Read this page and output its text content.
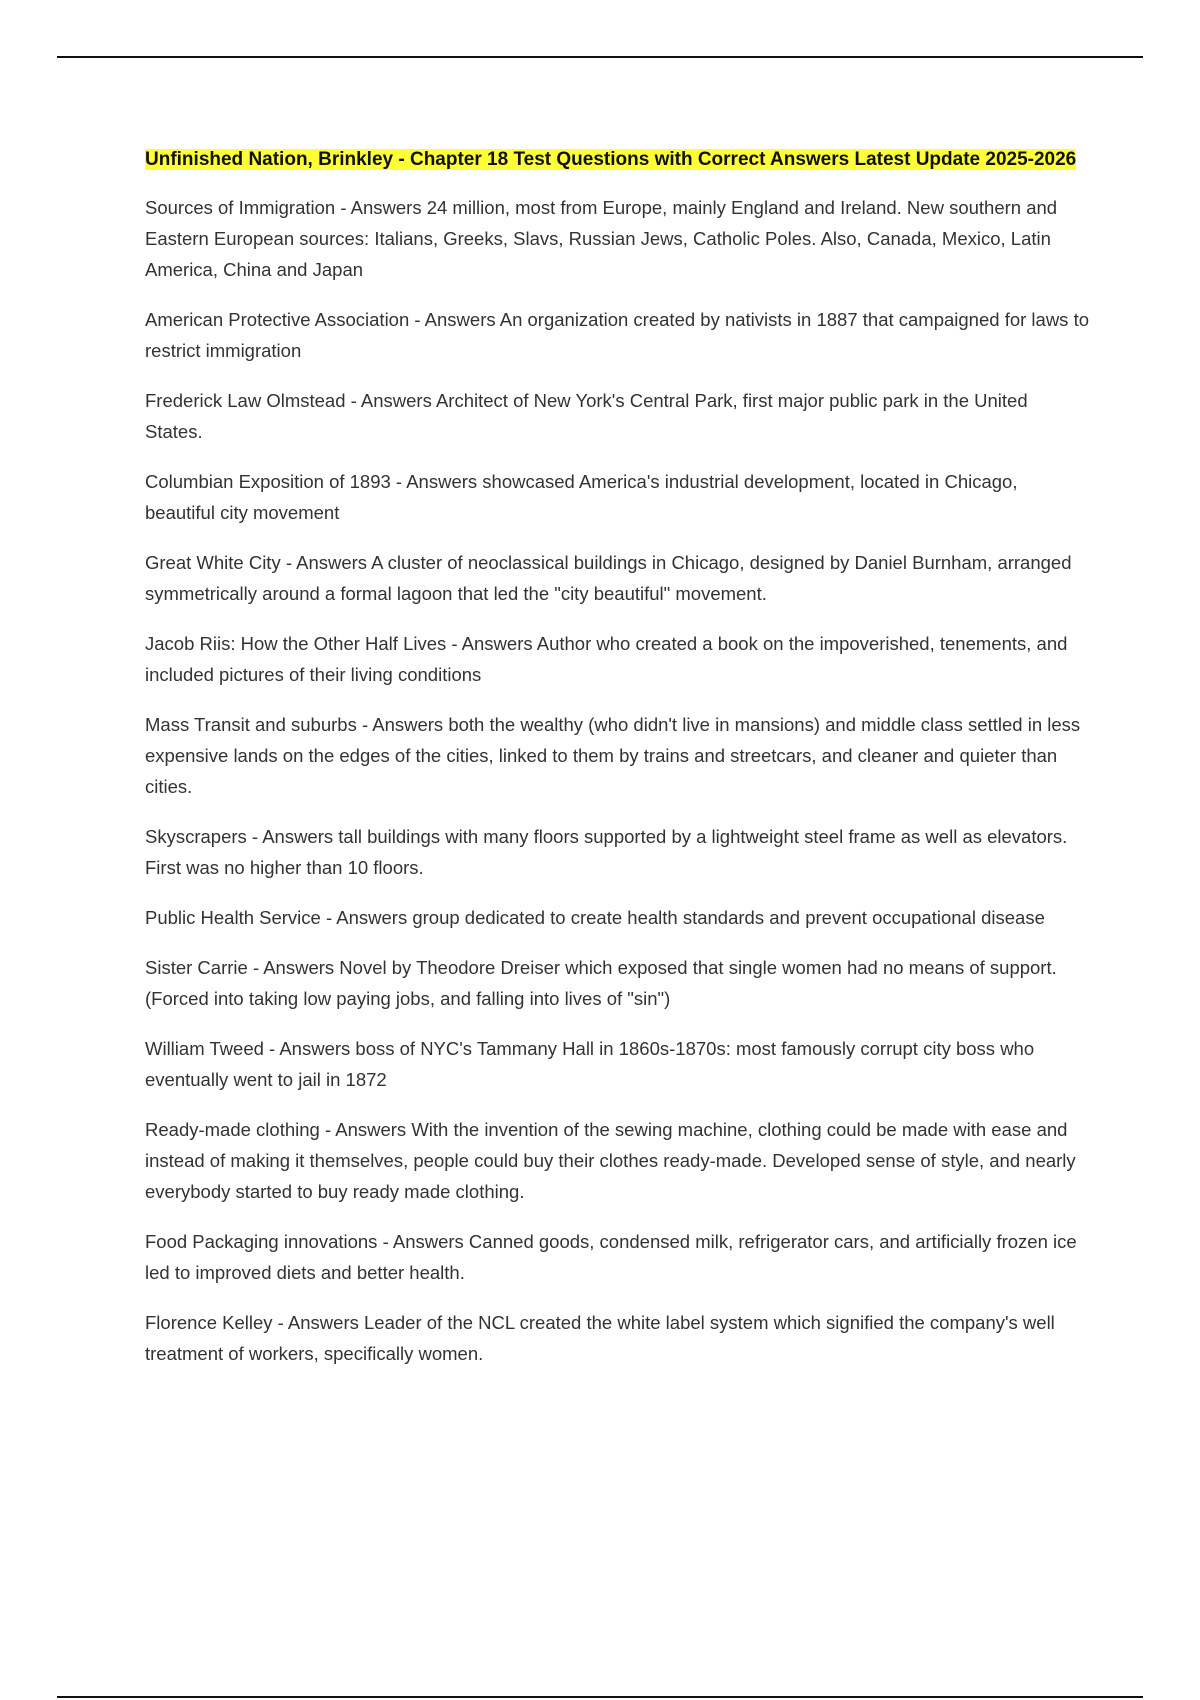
Unfinished Nation, Brinkley - Chapter 18 Test Questions with Correct Answers Latest Update 2025-2026

Sources of Immigration - Answers 24 million, most from Europe, mainly England and Ireland. New southern and Eastern European sources: Italians, Greeks, Slavs, Russian Jews, Catholic Poles. Also, Canada, Mexico, Latin America, China and Japan

American Protective Association - Answers An organization created by nativists in 1887 that campaigned for laws to restrict immigration

Frederick Law Olmstead - Answers Architect of New York's Central Park, first major public park in the United States.

Columbian Exposition of 1893 - Answers showcased America's industrial development, located in Chicago, beautiful city movement

Great White City - Answers A cluster of neoclassical buildings in Chicago, designed by Daniel Burnham, arranged symmetrically around a formal lagoon that led the "city beautiful" movement.

Jacob Riis: How the Other Half Lives - Answers Author who created a book on the impoverished, tenements, and included pictures of their living conditions

Mass Transit and suburbs - Answers both the wealthy (who didn't live in mansions) and middle class settled in less expensive lands on the edges of the cities, linked to them by trains and streetcars, and cleaner and quieter than cities.

Skyscrapers - Answers tall buildings with many floors supported by a lightweight steel frame as well as elevators. First was no higher than 10 floors.

Public Health Service - Answers group dedicated to create health standards and prevent occupational disease

Sister Carrie - Answers Novel by Theodore Dreiser which exposed that single women had no means of support. (Forced into taking low paying jobs, and falling into lives of "sin")

William Tweed - Answers boss of NYC's Tammany Hall in 1860s-1870s: most famously corrupt city boss who eventually went to jail in 1872

Ready-made clothing - Answers With the invention of the sewing machine, clothing could be made with ease and instead of making it themselves, people could buy their clothes ready-made. Developed sense of style, and nearly everybody started to buy ready made clothing.

Food Packaging innovations - Answers Canned goods, condensed milk, refrigerator cars, and artificially frozen ice led to improved diets and better health.

Florence Kelley - Answers Leader of the NCL created the white label system which signified the company's well treatment of workers, specifically women.
